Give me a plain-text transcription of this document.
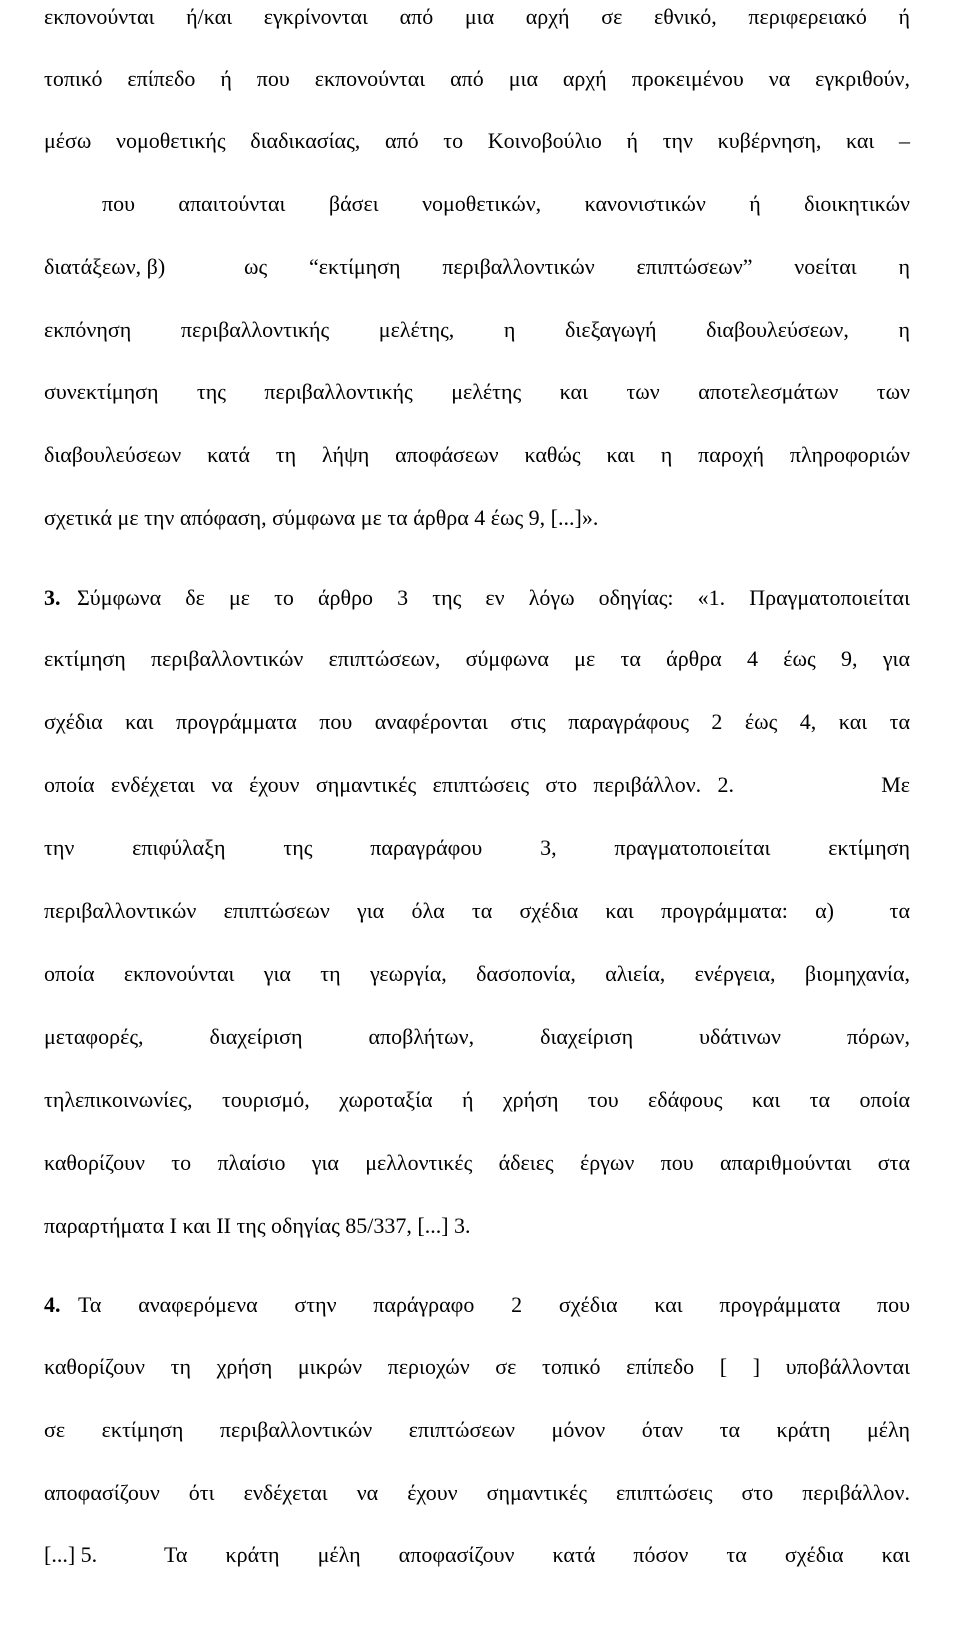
εκπονούνται ή/και εγκρίνονται από μια αρχή σε εθνικό, περιφερειακό ή
τοπικό επίπεδο ή που εκπονούνται από μια αρχή προκειμένου να εγκριθούν,
μέσω νομοθετικής διαδικασίας, από το Κοινοβούλιο ή την κυβέρνηση, και –
που απαιτούνται βάσει νομοθετικών, κανονιστικών ή διοικητικών
διατάξεων, β)	ως “εκτίμηση περιβαλλοντικών επιπτώσεων” νοείται η
εκπόνηση περιβαλλοντικής μελέτης, η διεξαγωγή διαβουλεύσεων, η
συνεκτίμηση της περιβαλλοντικής μελέτης και των αποτελεσμάτων των
διαβουλεύσεων κατά τη λήψη αποφάσεων καθώς και η παροχή πληροφοριών
σχετικά με την απόφαση, σύμφωνα με τα άρθρα 4 έως 9, [...]».
3. Σύμφωνα δε με το άρθρο 3 της εν λόγω οδηγίας: «1. Πραγματοποιείται
εκτίμηση περιβαλλοντικών επιπτώσεων, σύμφωνα με τα άρθρα 4 έως 9, για
σχέδια και προγράμματα που αναφέρονται στις παραγράφους 2 έως 4, και τα
οποία ενδέχεται να έχουν σημαντικές επιπτώσεις στο περιβάλλον. 2.	Με
την επιφύλαξη της παραγράφου 3, πραγματοποιείται εκτίμηση
περιβαλλοντικών επιπτώσεων για όλα τα σχέδια και προγράμματα: α)	τα
οποία εκπονούνται για τη γεωργία, δασοπονία, αλιεία, ενέργεια, βιομηχανία,
μεταφορές, διαχείριση αποβλήτων, διαχείριση υδάτινων πόρων,
τηλεπικοινωνίες, τουρισμό, χωροταξία ή χρήση του εδάφους και τα οποία
καθορίζουν το πλαίσιο για μελλοντικές άδειες έργων που απαριθμούνται στα
παραρτήματα Ι και ΙΙ της οδηγίας 85/337, [...] 3.
4. Τα αναφερόμενα στην παράγραφο 2 σχέδια και προγράμματα που
καθορίζουν τη χρήση μικρών περιοχών σε τοπικό επίπεδο [ ] υποβάλλονται
σε εκτίμηση περιβαλλοντικών επιπτώσεων μόνον όταν τα κράτη μέλη
αποφασίζουν ότι ενδέχεται να έχουν σημαντικές επιπτώσεις στο περιβάλλον.
[...] 5.	Τα κράτη μέλη αποφασίζουν κατά πόσον τα σχέδια και
